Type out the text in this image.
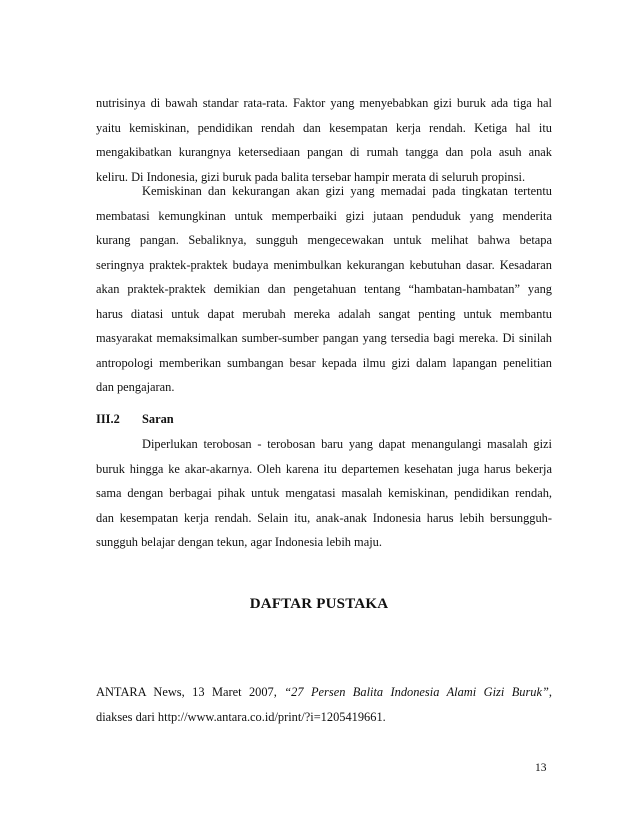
nutrisinya di bawah standar rata-rata. Faktor yang menyebabkan gizi buruk ada tiga hal
yaitu kemiskinan, pendidikan rendah dan kesempatan kerja rendah. Ketiga hal itu
mengakibatkan kurangnya ketersediaan pangan di rumah tangga dan pola asuh anak
keliru. Di Indonesia, gizi buruk pada balita tersebar hampir merata di seluruh propinsi.
Kemiskinan dan kekurangan akan gizi yang memadai pada tingkatan tertentu
membatasi kemungkinan untuk memperbaiki gizi jutaan penduduk yang menderita
kurang pangan. Sebaliknya, sungguh mengecewakan untuk melihat bahwa betapa
seringnya praktek-praktek budaya menimbulkan kekurangan kebutuhan dasar. Kesadaran
akan praktek-praktek demikian dan pengetahuan tentang “hambatan-hambatan” yang
harus diatasi untuk dapat merubah mereka adalah sangat penting untuk membantu
masyarakat memaksimalkan sumber-sumber pangan yang tersedia bagi mereka. Di sinilah
antropologi memberikan sumbangan besar kepada ilmu gizi dalam lapangan penelitian
dan pengajaran.
III.2 Saran
Diperlukan terobosan - terobosan baru yang dapat menangulangi masalah gizi
buruk hingga ke akar-akarnya. Oleh karena itu departemen kesehatan juga harus bekerja
sama dengan berbagai pihak untuk mengatasi masalah kemiskinan, pendidikan rendah,
dan kesempatan kerja rendah. Selain itu, anak-anak Indonesia harus lebih bersungguh-
sungguh belajar dengan tekun, agar Indonesia lebih maju.
DAFTAR PUSTAKA
ANTARA News, 13 Maret 2007, “27 Persen Balita Indonesia Alami Gizi Buruk”,
diakses dari http://www.antara.co.id/print/?i=1205419661.
13
